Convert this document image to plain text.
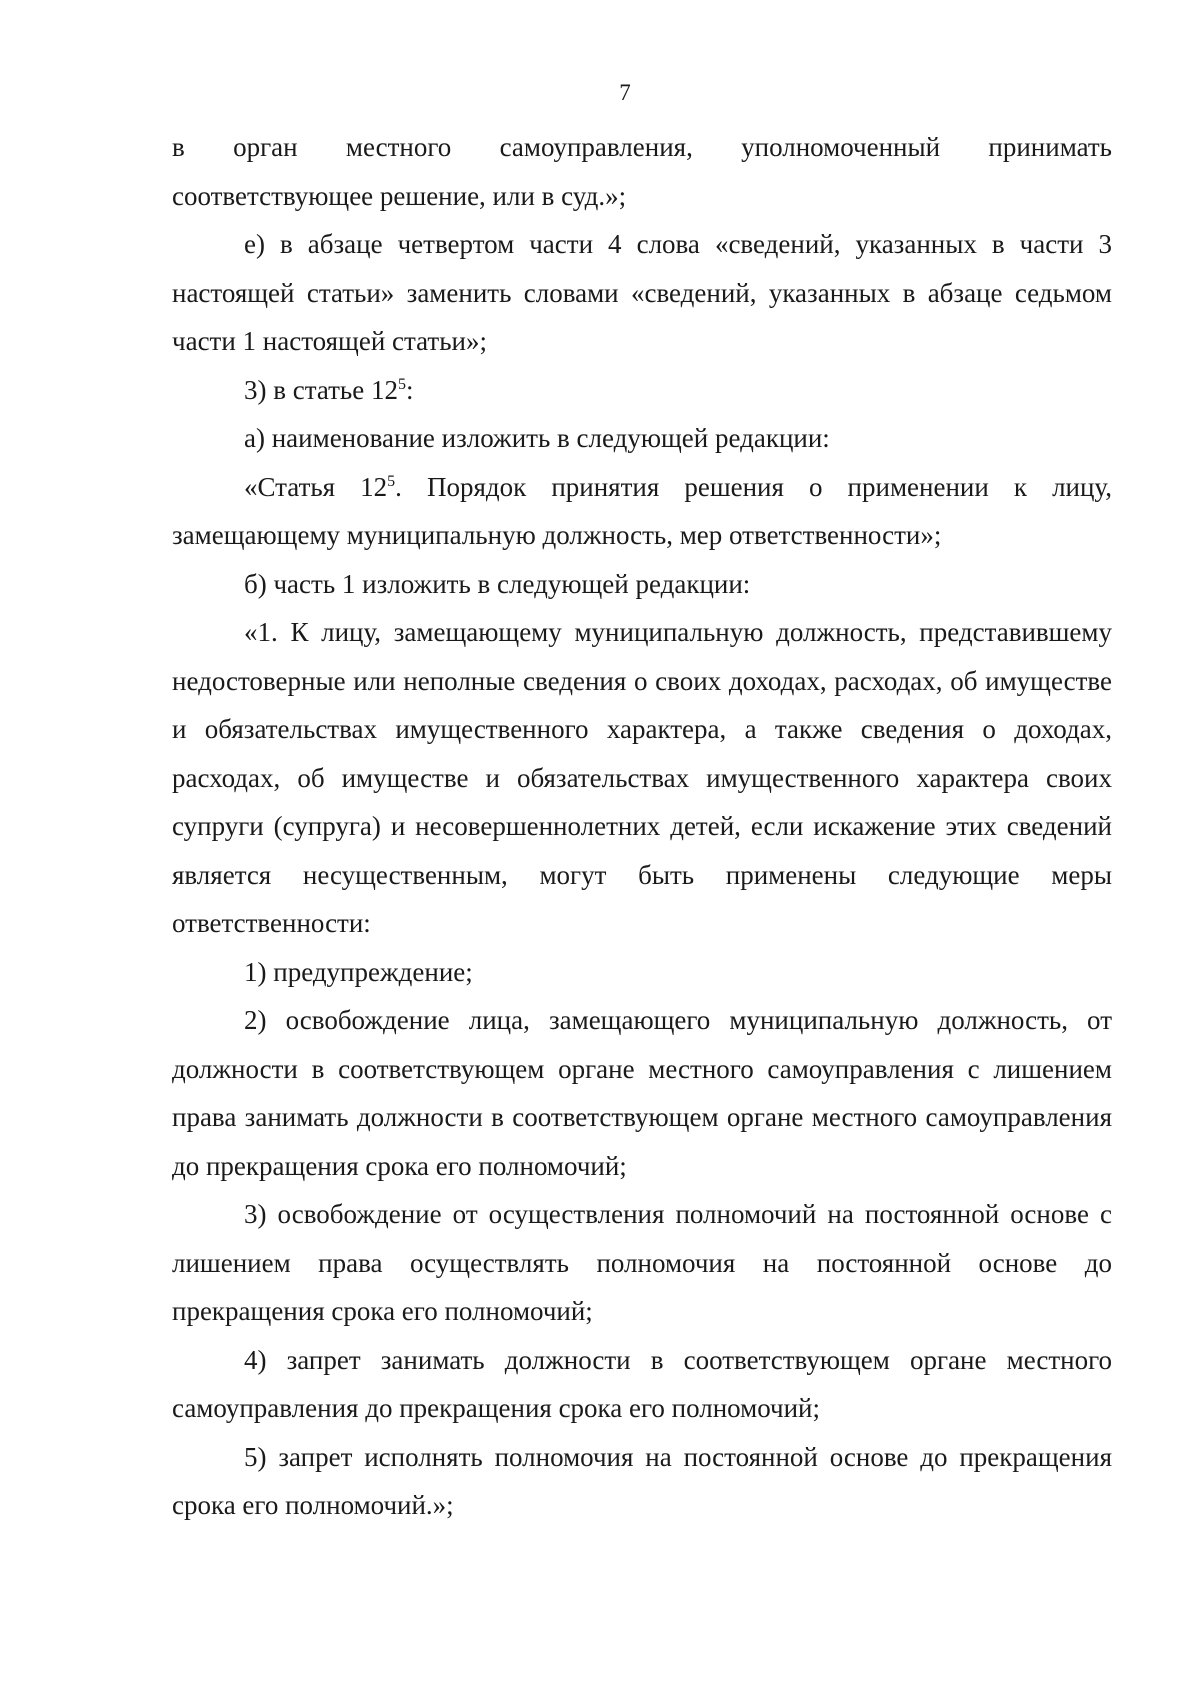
7

в орган местного самоуправления, уполномоченный принимать соответствующее решение, или в суд.»;

е) в абзаце четвертом части 4 слова «сведений, указанных в части 3 настоящей статьи» заменить словами «сведений, указанных в абзаце седьмом части 1 настоящей статьи»;

3) в статье $12^5$:

а) наименование изложить в следующей редакции:

«Статья $12^5$. Порядок принятия решения о применении к лицу, замещающему муниципальную должность, мер ответственности»;

б) часть 1 изложить в следующей редакции:

«1. К лицу, замещающему муниципальную должность, представившему недостоверные или неполные сведения о своих доходах, расходах, об имуществе и обязательствах имущественного характера, а также сведения о доходах, расходах, об имуществе и обязательствах имущественного характера своих супруги (супруга) и несовершеннолетних детей, если искажение этих сведений является несущественным, могут быть применены следующие меры ответственности:

1) предупреждение;

2) освобождение лица, замещающего муниципальную должность, от должности в соответствующем органе местного самоуправления с лишением права занимать должности в соответствующем органе местного самоуправления до прекращения срока его полномочий;

3) освобождение от осуществления полномочий на постоянной основе с лишением права осуществлять полномочия на постоянной основе до прекращения срока его полномочий;

4) запрет занимать должности в соответствующем органе местного самоуправления до прекращения срока его полномочий;

5) запрет исполнять полномочия на постоянной основе до прекращения срока его полномочий.»;
